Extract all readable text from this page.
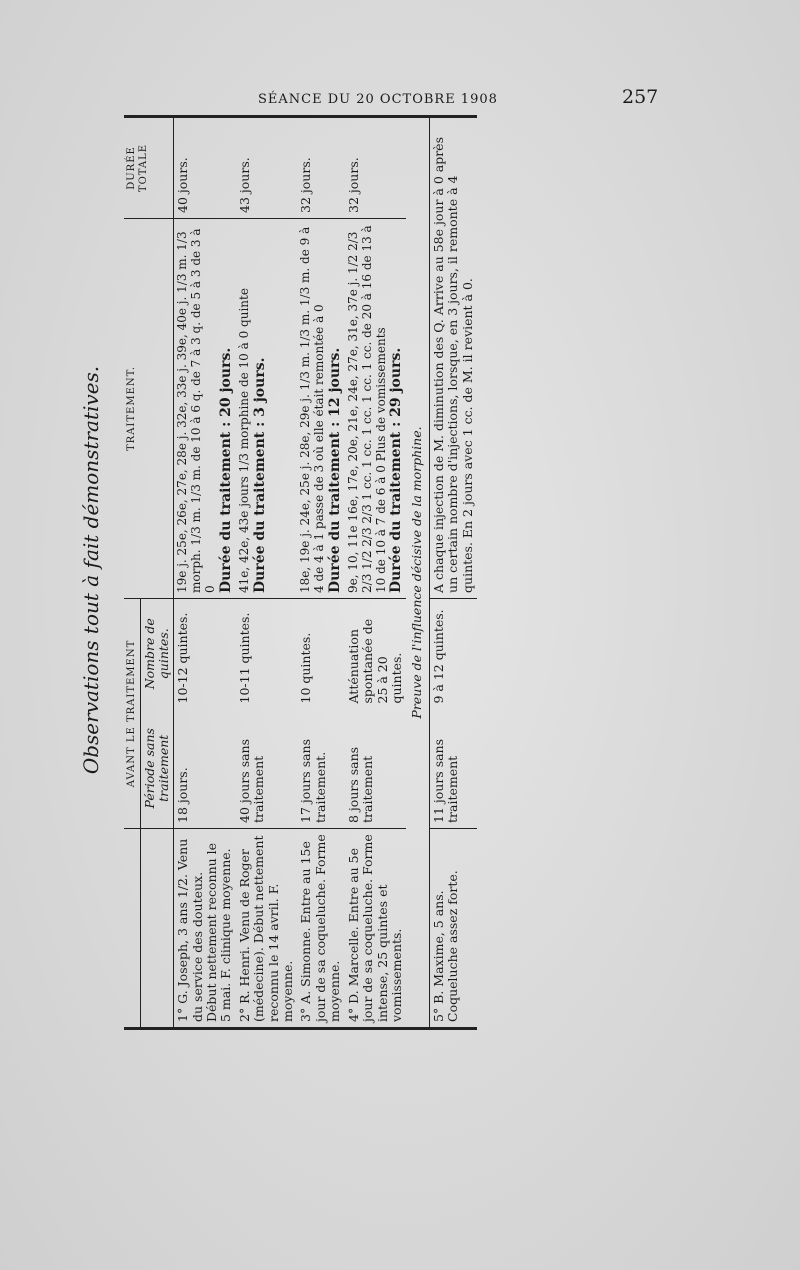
SÉANCE DU 20 OCTOBRE 1908	257
Observations tout à fait démonstratives.
		AVANT LE TRAITEMENT		TRAITEMENT.	DURÉE TOTALE
	Période sans traitement	Nombre de quintes.		
1° G. Joseph, 3 ans 1/2. Venu du service des douteux. Début nettement reconnu le 5 mai. F. clinique moyenne.	18 jours.	10-12 quintes.	19e j. 25e, 26e, 27e, 28e j. 32e, 33e j. 39e, 40e j. 1/3 m. 1/3 morph. 1/3 m. 1/3 m. de 10 à 6 q. de 7 à 3 q. de 5 à 3 de 3 à 0 Durée du traitement : 20 jours.	40 jours.
2° R. Henri. Venu de Roger (médecine). Début nettement reconnu le 14 avril. F. moyenne.	40 jours sans traitement	10-11 quintes.	41e, 42e, 43e jours 1/3 morphine de 10 à 0 quinte Durée du traitement : 3 jours.	43 jours.
3° A. Simonne. Entre au 15e jour de sa coqueluche. Forme moyenne.	17 jours sans traitement.	10 quintes.	18e, 19e j. 24e, 25e j. 28e, 29e j. 1/3 m. 1/3 m. 1/3 m. de 9 à 4 de 4 à 1 passe de 3 où elle était remontée à 0 Durée du traitement : 12 jours.	32 jours.
4° D. Marcelle. Entre au 5e jour de sa coqueluche. Forme intense, 25 quintes et vomissements.	8 jours sans traitement	Atténuation spontanée de 25 à 20 quintes.	9e, 10, 11e 16e, 17e, 20e, 21e, 24e, 27e, 31e, 37e j. 1/2 2/3 2/3 1/2 2/3 2/3 1 cc. 1 cc. 1 cc. 1 cc. 1 cc. de 20 à 16 de 13 à 10 de 10 à 7 de 6 à 0 Plus de vomissements Durée du traitement : 29 jours.	32 jours.
Preuve de l'influence décisive de la morphine.				
5° B. Maxime, 5 ans. Coqueluche assez forte.	11 jours sans traitement	9 à 12 quintes.	A chaque injection de M. diminution des Q. Arrive au 58e jour à 0 après un certain nombre d'injections, lorsque, en 3 jours, il remonte à 4 quintes. En 2 jours avec 1 cc. de M. il revient à 0.	
